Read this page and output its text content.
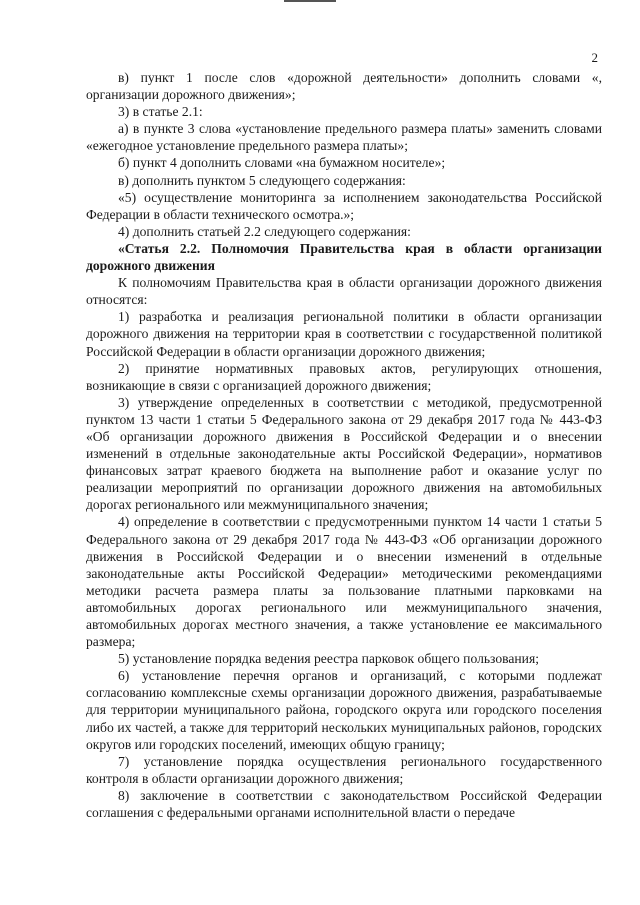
2

в) пункт 1 после слов «дорожной деятельности» дополнить словами «, организации дорожного движения»;

3) в статье 2.1:

а) в пункте 3 слова «установление предельного размера платы» заменить словами «ежегодное установление предельного размера платы»;

б) пункт 4 дополнить словами «на бумажном носителе»;

в) дополнить пунктом 5 следующего содержания:

«5) осуществление мониторинга за исполнением законодательства Российской Федерации в области технического осмотра.»;

4) дополнить статьей 2.2 следующего содержания:

«Статья 2.2. Полномочия Правительства края в области организации дорожного движения

К полномочиям Правительства края в области организации дорожного движения относятся:

1) разработка и реализация региональной политики в области организации дорожного движения на территории края в соответствии с государственной политикой Российской Федерации в области организации дорожного движения;

2) принятие нормативных правовых актов, регулирующих отношения, возникающие в связи с организацией дорожного движения;

3) утверждение определенных в соответствии с методикой, предусмотренной пунктом 13 части 1 статьи 5 Федерального закона от 29 декабря 2017 года № 443-ФЗ «Об организации дорожного движения в Российской Федерации и о внесении изменений в отдельные законодательные акты Российской Федерации», нормативов финансовых затрат краевого бюджета на выполнение работ и оказание услуг по реализации мероприятий по организации дорожного движения на автомобильных дорогах регионального или межмуниципального значения;

4) определение в соответствии с предусмотренными пунктом 14 части 1 статьи 5 Федерального закона от 29 декабря 2017 года № 443-ФЗ «Об организации дорожного движения в Российской Федерации и о внесении изменений в отдельные законодательные акты Российской Федерации» методическими рекомендациями методики расчета размера платы за пользование платными парковками на автомобильных дорогах регионального или межмуниципального значения, автомобильных дорогах местного значения, а также установление ее максимального размера;

5) установление порядка ведения реестра парковок общего пользования;

6) установление перечня органов и организаций, с которыми подлежат согласованию комплексные схемы организации дорожного движения, разрабатываемые для территории муниципального района, городского округа или городского поселения либо их частей, а также для территорий нескольких муниципальных районов, городских округов или городских поселений, имеющих общую границу;

7) установление порядка осуществления регионального государственного контроля в области организации дорожного движения;

8) заключение в соответствии с законодательством Российской Федерации соглашения с федеральными органами исполнительной власти о передаче
